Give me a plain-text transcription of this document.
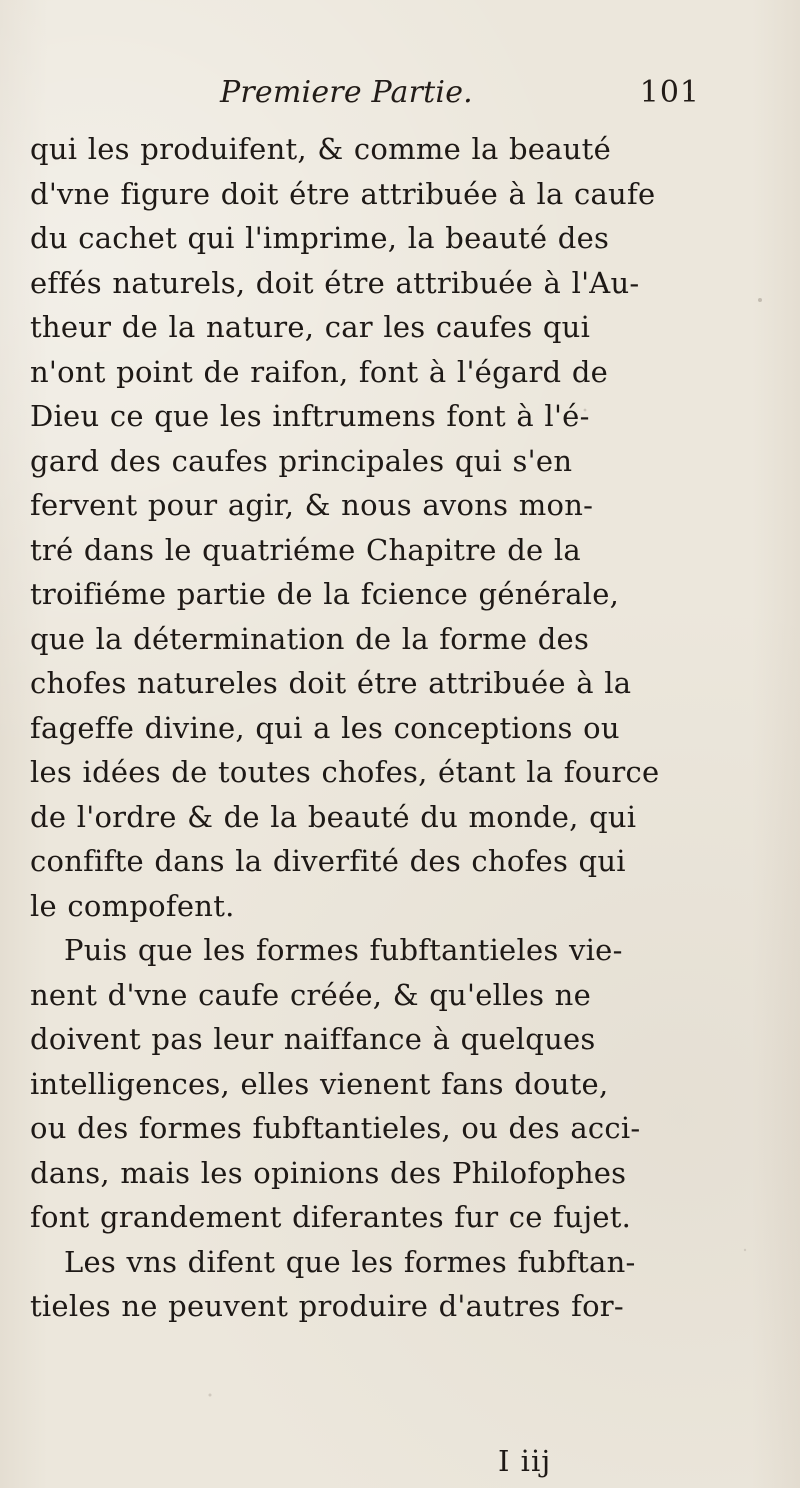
Premiere Partie.	101
qui les produifent, & comme la beauté
d'vne figure doit étre attribuée à la caufe
du cachet qui l'imprime, la beauté des
effés naturels, doit étre attribuée à l'Au-
theur de la nature, car les caufes qui
n'ont point de raifon, font à l'égard de
Dieu ce que les inftrumens font à l'é-
gard des caufes principales qui s'en
fervent pour agir, & nous avons mon-
tré dans le quatriéme Chapitre de la
troifiéme partie de la fcience générale,
que la détermination de la forme des
chofes natureles doit étre attribuée à la
fageffe divine, qui a les conceptions ou
les idées de toutes chofes, étant la fource
de l'ordre & de la beauté du monde, qui
confifte dans la diverfité des chofes qui
le compofent.
Puis que les formes fubftantieles vie-
nent d'vne caufe créée, & qu'elles ne
doivent pas leur naiffance à quelques
intelligences, elles vienent fans doute,
ou des formes fubftantieles, ou des acci-
dans, mais les opinions des Philofophes
font grandement diferantes fur ce fujet.
Les vns difent que les formes fubftan-
tieles ne peuvent produire d'autres for-
I iij
